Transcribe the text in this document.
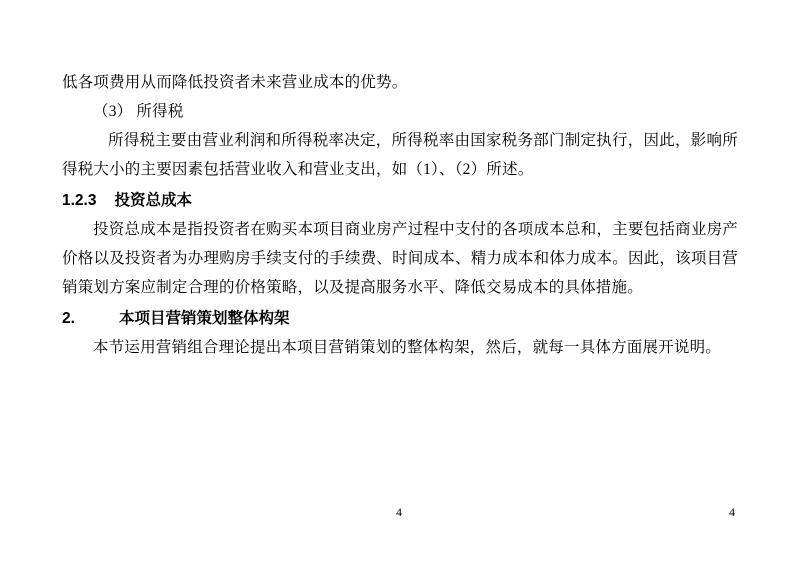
低各项费用从而降低投资者未来营业成本的优势。

（3） 所得税

所得税主要由营业利润和所得税率决定，所得税率由国家税务部门制定执行，因此，影响所得税大小的主要因素包括营业收入和营业支出，如（1）、（2）所述。

1.2.3 投资总成本

投资总成本是指投资者在购买本项目商业房产过程中支付的各项成本总和，主要包括商业房产价格以及投资者为办理购房手续支付的手续费、时间成本、精力成本和体力成本。因此，该项目营销策划方案应制定合理的价格策略，以及提高服务水平、降低交易成本的具体措施。

2.	本项目营销策划整体构架

本节运用营销组合理论提出本项目营销策划的整体构架，然后，就每一具体方面展开说明。

4	4
